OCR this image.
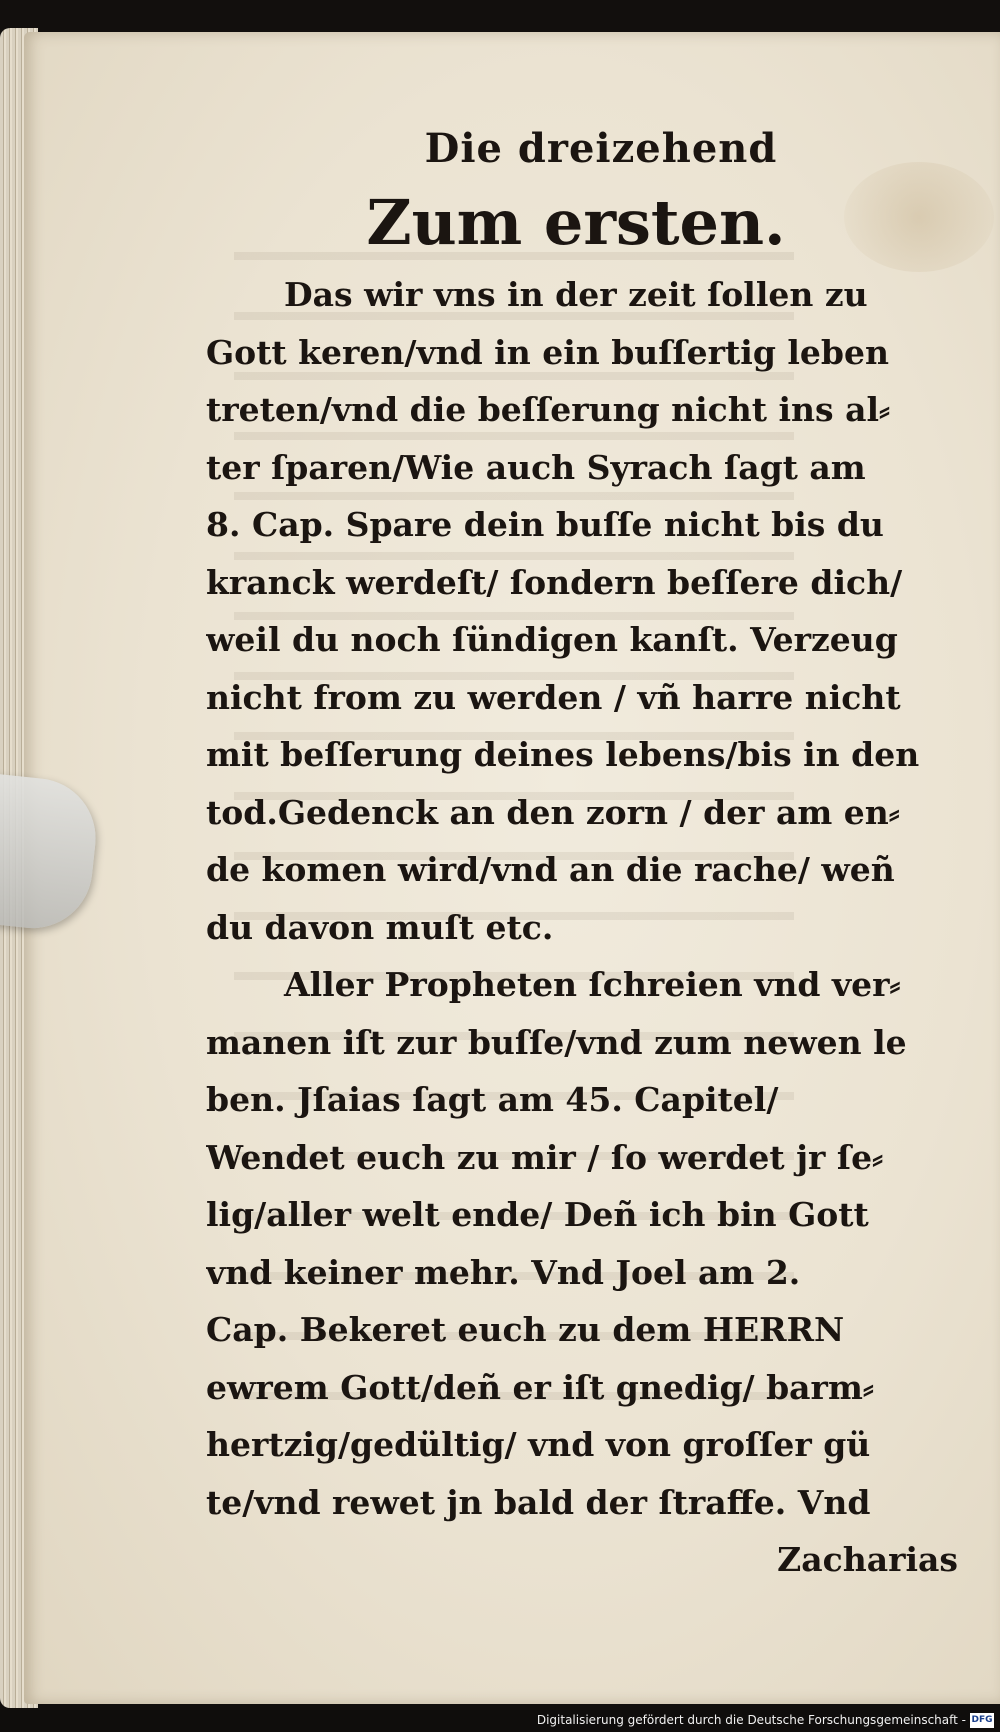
Die dreizehend
Zum ersten.
Das wir vns in der zeit ſollen zu
Gott keren/vnd in ein buſſertig leben
treten/vnd die beſſerung nicht ins al⸗
ter ſparen/Wie auch Syrach ſagt am
8. Cap. Spare dein buſſe nicht bis du
kranck werdeſt/ ſondern beſſere dich/
weil du noch ſündigen kanſt. Verzeug
nicht from zu werden / vñ harre nicht
mit beſſerung deines lebens/bis in den
tod.Gedenck an den zorn / der am en⸗
de komen wird/vnd an die rache/ weñ
du davon muſt etc.
Aller Propheten ſchreien vnd ver⸗
manen iſt zur buſſe/vnd zum newen le
ben. Jſaias ſagt am 45. Capitel/
Wendet euch zu mir / ſo werdet jr ſe⸗
lig/aller welt ende/ Deñ ich bin Gott
vnd keiner mehr. Vnd Joel am 2.
Cap. Bekeret euch zu dem HERRN
ewrem Gott/deñ er iſt gnedig/ barm⸗
hertzig/gedültig/ vnd von groſſer gü
te/vnd rewet jn bald der ſtraffe. Vnd
Zacharias
Digitalisierung gefördert durch die Deutsche Forschungsgemeinschaft - DFG
